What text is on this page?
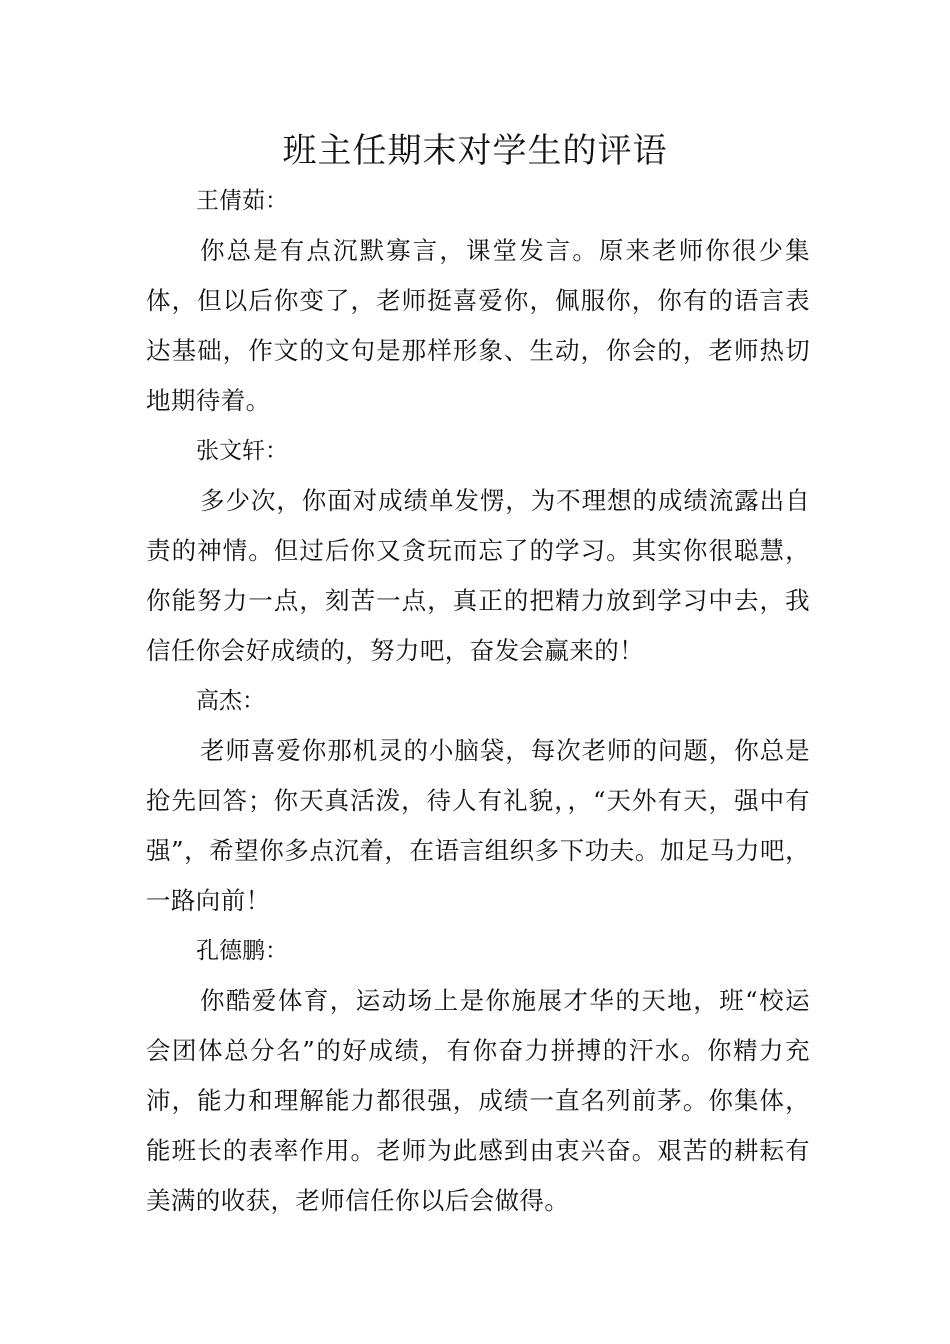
班主任期末对学生的评语

王倩茹：

你总是有点沉默寡言，课堂发言。原来老师你很少集体，但以后你变了，老师挺喜爱你，佩服你，你有的语言表达基础，作文的文句是那样形象、生动，你会的，老师热切地期待着。

张文轩：

多少次，你面对成绩单发愣，为不理想的成绩流露出自责的神情。但过后你又贪玩而忘了的学习。其实你很聪慧，你能努力一点，刻苦一点，真正的把精力放到学习中去，我信任你会好成绩的，努力吧，奋发会赢来的！

高杰：

老师喜爱你那机灵的小脑袋，每次老师的问题，你总是抢先回答；你天真活泼，待人有礼貌，，“天外有天，强中有强”，希望你多点沉着，在语言组织多下功夫。加足马力吧，一路向前！

孔德鹏：

你酷爱体育，运动场上是你施展才华的天地，班“校运会团体总分名”的好成绩，有你奋力拼搏的汗水。你精力充沛，能力和理解能力都很强，成绩一直名列前茅。你集体，能班长的表率作用。老师为此感到由衷兴奋。艰苦的耕耘有美满的收获，老师信任你以后会做得。
